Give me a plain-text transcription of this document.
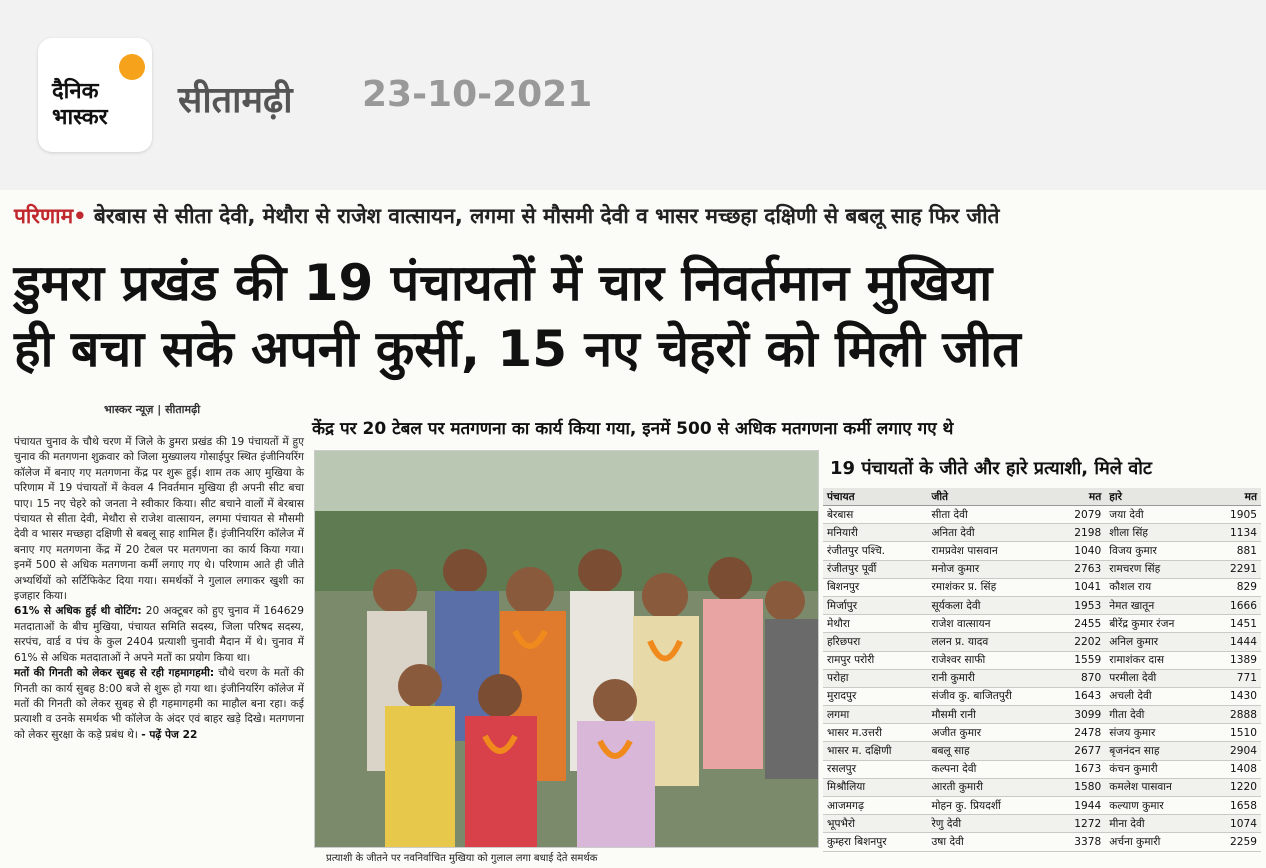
दैनिक
भास्कर	सीतामढ़ी 23-10-2021
परिणाम• बेरबास से सीता देवी, मेथौरा से राजेश वात्सायन, लगमा से मौसमी देवी व भासर मच्छहा दक्षिणी से बबलू साह फिर जीते
डुमरा प्रखंड की 19 पंचायतों में चार निवर्तमान मुखिया
ही बचा सके अपनी कुर्सी, 15 नए चेहरों को मिली जीत
भास्कर न्यूज़ | सीतामढ़ी
पंचायत चुनाव के चौथे चरण में जिले के डुमरा प्रखंड की 19 पंचायतों में हुए चुनाव की मतगणना शुक्रवार को जिला मुख्यालय गोसाईपुर स्थित इंजीनियरिंग कॉलेज में बनाए गए मतगणना केंद्र पर शुरू हुई। शाम तक आए मुखिया के परिणाम में 19 पंचायतों में केवल 4 निवर्तमान मुखिया ही अपनी सीट बचा पाए। 15 नए चेहरे को जनता ने स्वीकार किया। सीट बचाने वालों में बेरबास पंचायत से सीता देवी, मेथौरा से राजेश वात्सायन, लगमा पंचायत से मौसमी देवी व भासर मच्छहा दक्षिणी से बबलू साह शामिल हैं। इंजीनियरिंग कॉलेज में बनाए गए मतगणना केंद्र में 20 टेबल पर मतगणना का कार्य किया गया। इनमें 500 से अधिक मतगणना कर्मी लगाए गए थे। परिणाम आते ही जीते अभ्यर्थियों को सर्टिफिकेट दिया गया। समर्थकों ने गुलाल लगाकर खुशी का इजहार किया।
61% से अधिक हुई थी वोटिंग: 20 अक्टूबर को हुए चुनाव में 164629 मतदाताओं के बीच मुखिया, पंचायत समिति सदस्य, जिला परिषद सदस्य, सरपंच, वार्ड व पंच के कुल 2404 प्रत्याशी चुनावी मैदान में थे। चुनाव में 61% से अधिक मतदाताओं ने अपने मतों का प्रयोग किया था।
मतों की गिनती को लेकर सुबह से रही गहमागहमी: चौथे चरण के मतों की गिनती का कार्य सुबह 8:00 बजे से शुरू हो गया था। इंजीनियरिंग कॉलेज में मतों की गिनती को लेकर सुबह से ही गहमागहमी का माहौल बना रहा। कई प्रत्याशी व उनके समर्थक भी कॉलेज के अंदर एवं बाहर खड़े दिखे। मतगणना को लेकर सुरक्षा के कड़े प्रबंध थे। - पढ़ें पेज 22
केंद्र पर 20 टेबल पर मतगणना का कार्य किया गया, इनमें 500 से अधिक मतगणना कर्मी लगाए गए थे
प्रत्याशी के जीतने पर नवनिर्वाचित मुखिया को गुलाल लगा बधाई देते समर्थक
19 पंचायतों के जीते और हारे प्रत्याशी, मिले वोट
पंचायत	जीते	मत	हारे	मत
बेरबास	सीता देवी	2079	जया देवी	1905
मनियारी	अनिता देवी	2198	शीला सिंह	1134
रंजीतपुर पश्चि.	रामप्रवेश पासवान	1040	विजय कुमार	881
रंजीतपुर पूर्वी	मनोज कुमार	2763	रामचरण सिंह	2291
बिशनपुर	रमाशंकर प्र. सिंह	1041	कौशल राय	829
मिर्जापुर	सूर्यकला देवी	1953	नेमत खातून	1666
मेथौरा	राजेश वात्सायन	2455	बीरेंद्र कुमार रंजन	1451
हरिछपरा	ललन प्र. यादव	2202	अनिल कुमार	1444
रामपुर परोरी	राजेश्वर साफी	1559	रामाशंकर दास	1389
परोहा	रानी कुमारी	870	परमीला देवी	771
मुरादपुर	संजीव कु. बाजितपुरी	1643	अचली देवी	1430
लगमा	मौसमी रानी	3099	गीता देवी	2888
भासर म.उत्तरी	अजीत कुमार	2478	संजय कुमार	1510
भासर म. दक्षिणी	बबलू साह	2677	बृजनंदन साह	2904
रसलपुर	कल्पना देवी	1673	कंचन कुमारी	1408
मिश्रौलिया	आरती कुमारी	1580	कमलेश पासवान	1220
आजमगढ़	मोहन कु. प्रियदर्शी	1944	कल्याण कुमार	1658
भूपभैरो	रेणु देवी	1272	मीना देवी	1074
कुम्हरा बिशनपुर	उषा देवी	3378	अर्चना कुमारी	2259
